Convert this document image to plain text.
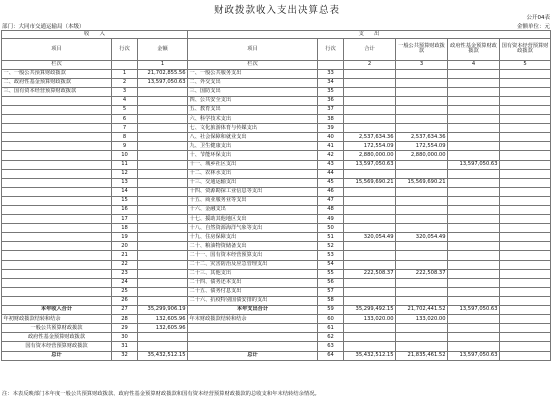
财政拨款收入支出决算总表
公开04表
部门：大同市交通运输局（本级）	金额单位：元
收　　入			支　　出					
项目	行次	金额	项目	行次	合计	一般公共预算财政拨款	政府性基金预算财政拨款	国有资本经营预算财政拨款
栏次		1	栏次		2	3	4	5
一、一般公共预算财政拨款	1	21,702,855.56	一、一般公共服务支出	33				
二、政府性基金预算财政拨款	2	13,597,050.63	二、外交支出	34				
三、国有资本经营预算财政拨款	3		三、国防支出	35				
	4		四、公共安全支出	36				
	5		五、教育支出	37				
	6		六、科学技术支出	38				
	7		七、文化旅游体育与传媒支出	39				
	8		八、社会保障和就业支出	40	2,537,634.36	2,537,634.36		
	9		九、卫生健康支出	41	172,554.09	172,554.09		
	10		十、节能环保支出	42	2,880,000.00	2,880,000.00		
	11		十一、城乡社区支出	43	13,597,050.63		13,597,050.63	
	12		十二、农林水支出	44				
	13		十三、交通运输支出	45	15,569,690.21	15,569,690.21		
	14		十四、资源勘探工业信息等支出	46				
	15		十五、商业服务业等支出	47				
	16		十六、金融支出	48				
	17		十七、援助其他地区支出	49				
	18		十八、自然资源海洋气象等支出	50				
	19		十九、住房保障支出	51	320,054.49	320,054.49		
	20		二十、粮油物资储备支出	52				
	21		二十一、国有资本经营预算支出	53				
	22		二十二、灾害防治及应急管理支出	54				
	23		二十三、其他支出	55	222,508.37	222,508.37		
	24		二十四、债务还本支出	56				
	25		二十五、债务付息支出	57				
	26		二十六、抗疫特别国债安排的支出	58				
本年收入合计	27	35,299,906.19	本年支出合计	59	35,299,492.15	21,702,441.52	13,597,050.63	
年初财政拨款结转和结余	28	132,605.96	年末财政拨款结转和结余	60	133,020.00	133,020.00		
一般公共预算财政拨款	29	132,605.96		61				
政府性基金预算财政拨款	30			62				
国有资本经营预算财政拨款	31			63				
总计	32	35,432,512.15	总计	64	35,432,512.15	21,835,461.52	13,597,050.63	
注：本表反映部门本年度一般公共预算财政拨款、政府性基金预算财政拨款和国有资本经营预算财政拨款的总收支和年末结转结余情况。
